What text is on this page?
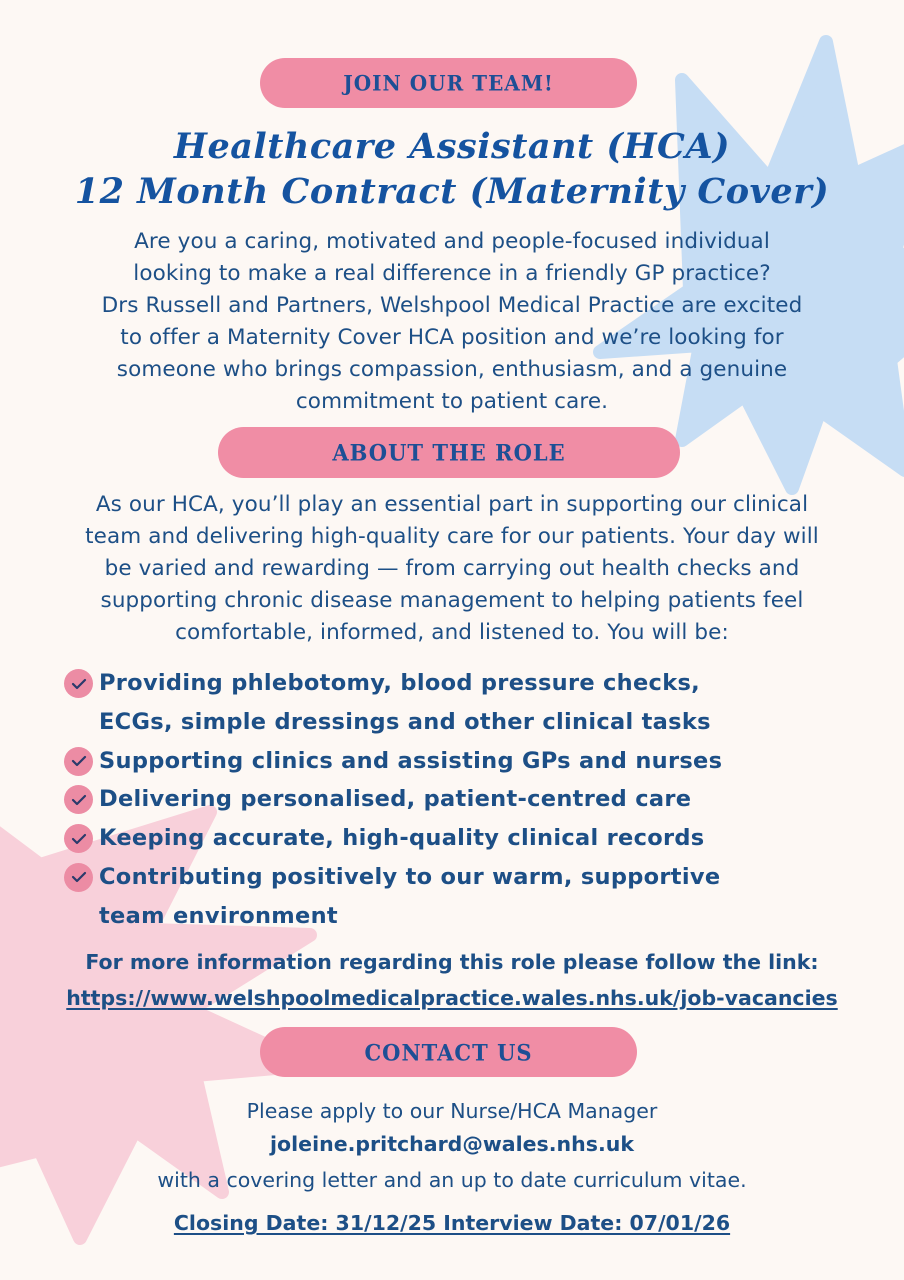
JOIN OUR TEAM!
Healthcare Assistant (HCA)
12 Month Contract (Maternity Cover)
Are you a caring, motivated and people-focused individual
looking to make a real difference in a friendly GP practice?
Drs Russell and Partners, Welshpool Medical Practice are excited
to offer a Maternity Cover HCA position and we’re looking for
someone who brings compassion, enthusiasm, and a genuine
commitment to patient care.
ABOUT THE ROLE
As our HCA, you’ll play an essential part in supporting our clinical
team and delivering high-quality care for our patients. Your day will
be varied and rewarding — from carrying out health checks and
supporting chronic disease management to helping patients feel
comfortable, informed, and listened to. You will be:
Providing phlebotomy, blood pressure checks,
ECGs, simple dressings and other clinical tasks
Supporting clinics and assisting GPs and nurses
Delivering personalised, patient-centred care
Keeping accurate, high-quality clinical records
Contributing positively to our warm, supportive
team environment
For more information regarding this role please follow the link:
https://www.welshpoolmedicalpractice.wales.nhs.uk/job-vacancies
CONTACT US
Please apply to our Nurse/HCA Manager
joleine.pritchard@wales.nhs.uk
with a covering letter and an up to date curriculum vitae.
Closing Date: 31/12/25 Interview Date: 07/01/26
